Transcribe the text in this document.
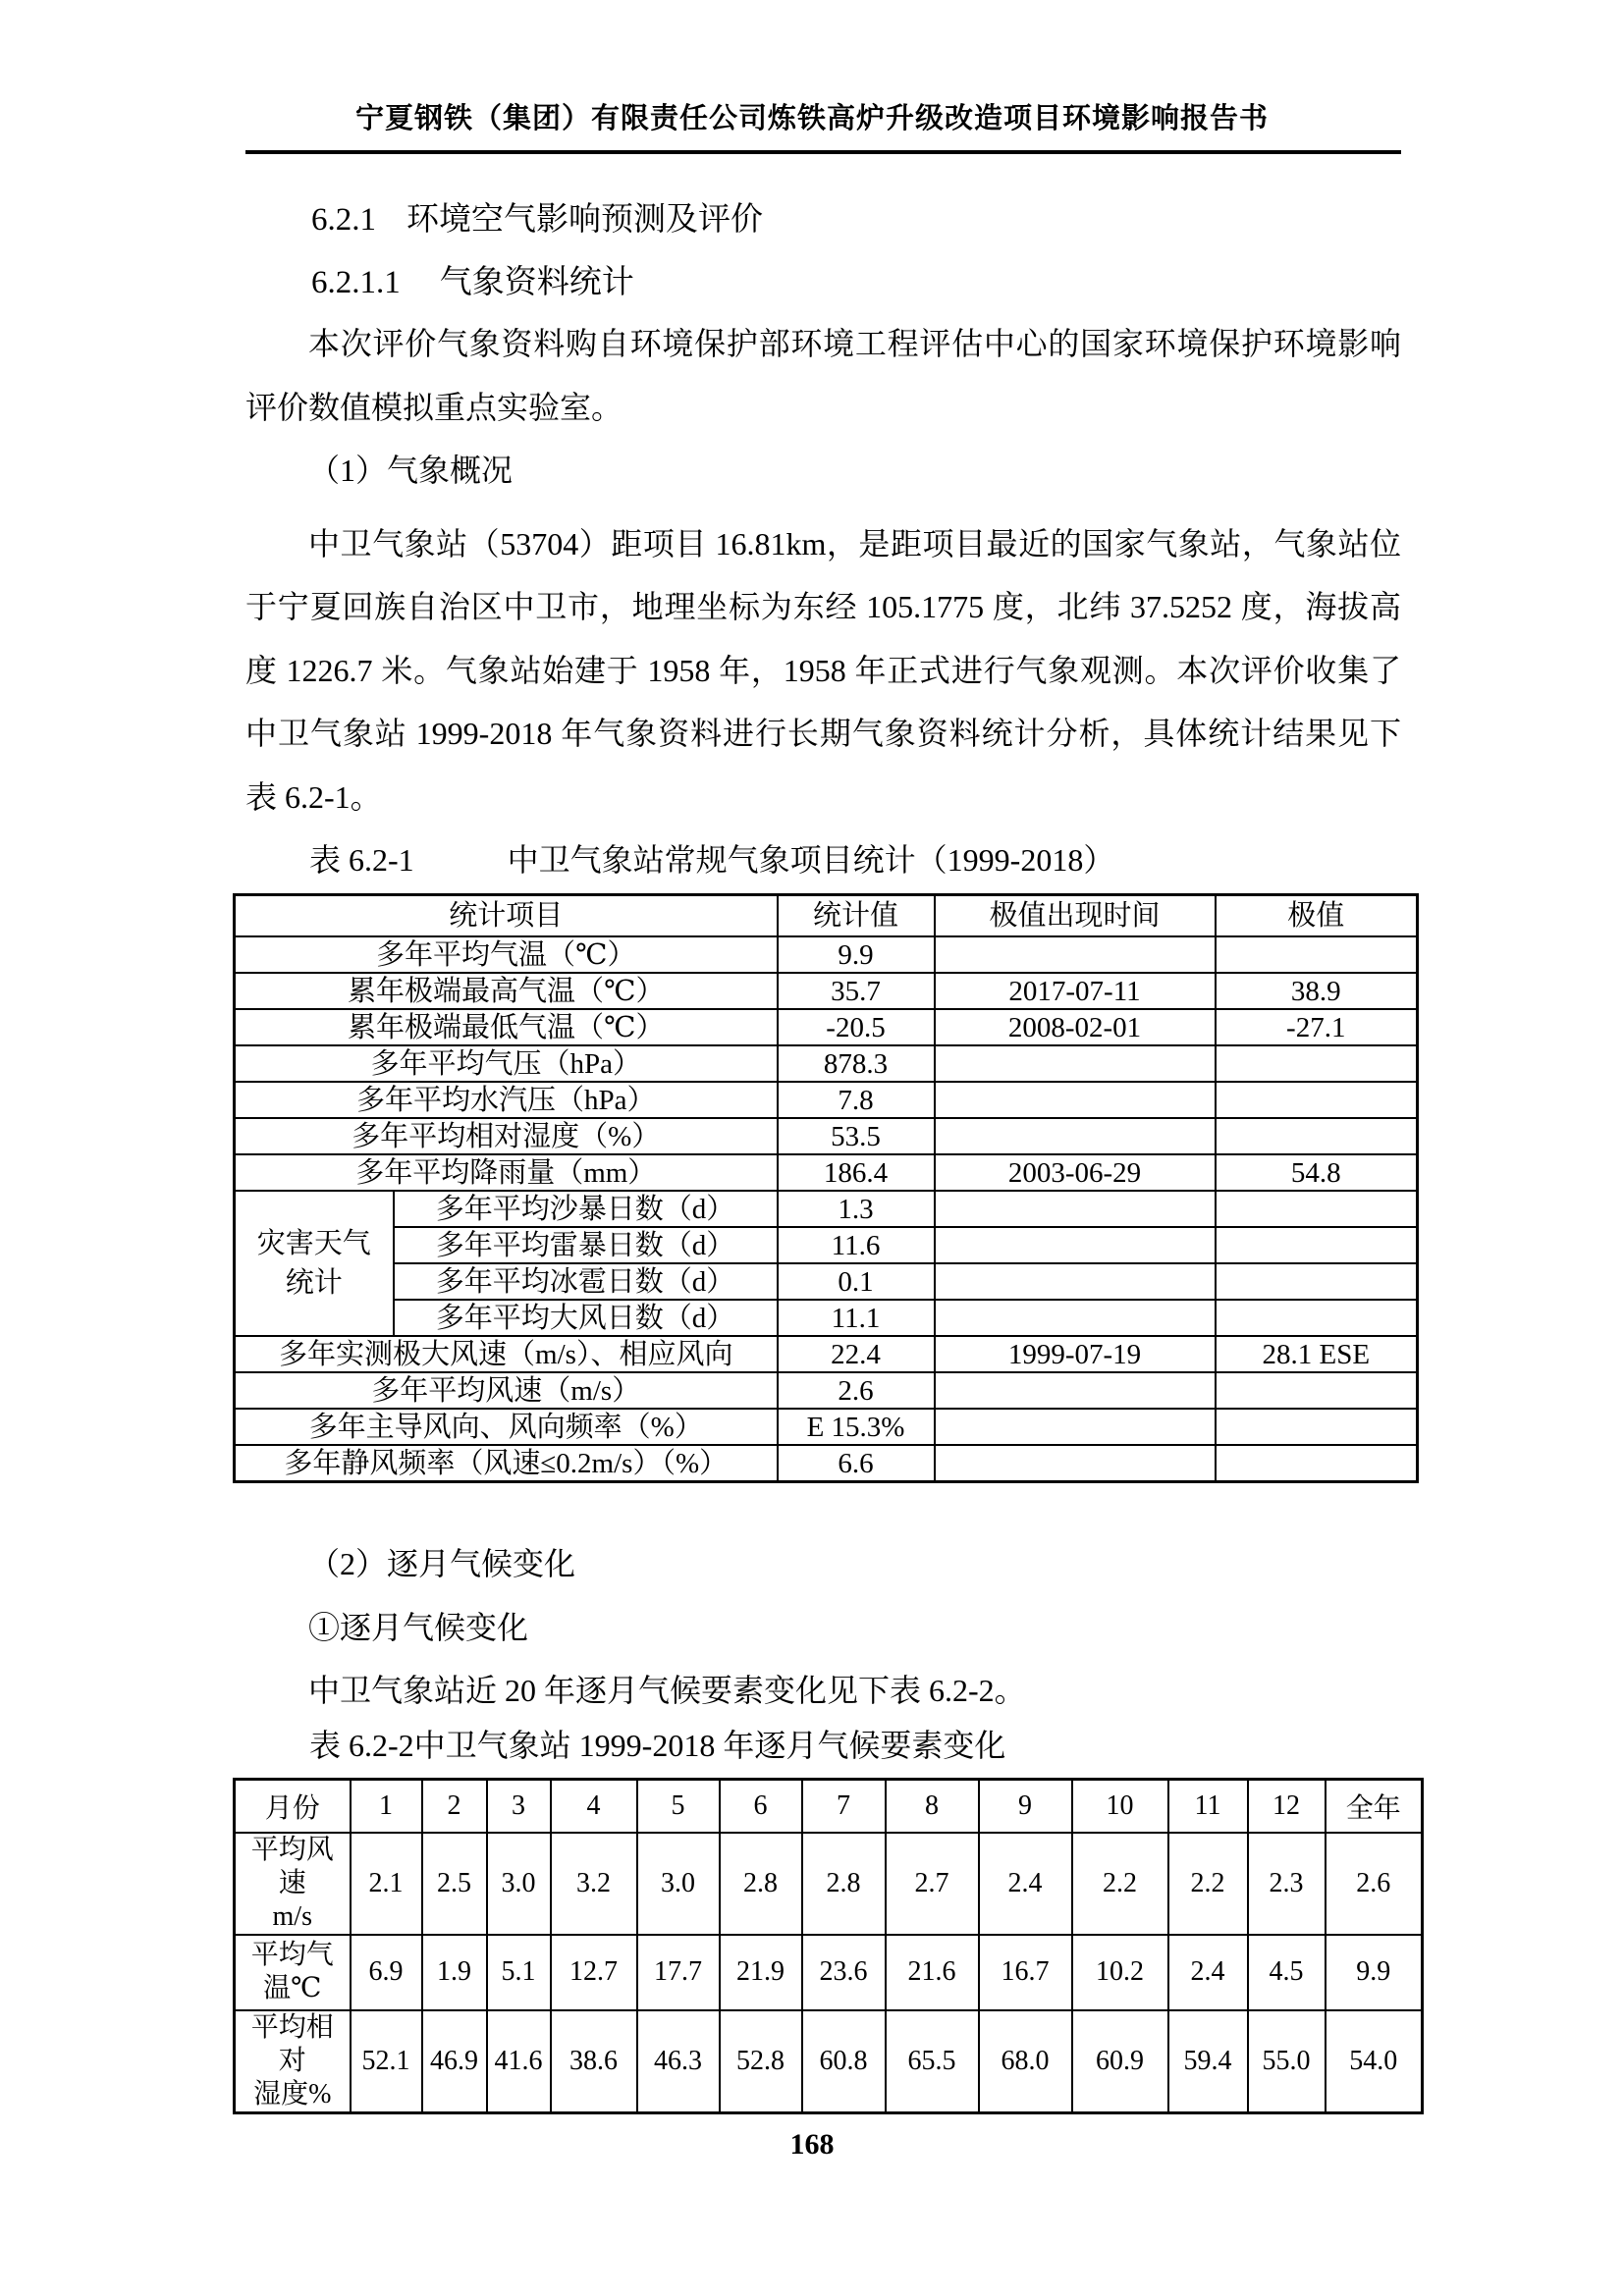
宁夏钢铁（集团）有限责任公司炼铁高炉升级改造项目环境影响报告书
6.2.1 环境空气影响预测及评价
6.2.1.1 气象资料统计

本次评价气象资料购自环境保护部环境工程评估中心的国家环境保护环境影响评价数值模拟重点实验室。

（1）气象概况

中卫气象站（53704）距项目 16.81km，是距项目最近的国家气象站，气象站位于宁夏回族自治区中卫市，地理坐标为东经 105.1775 度，北纬 37.5252 度，海拔高度 1226.7 米。气象站始建于 1958 年，1958 年正式进行气象观测。本次评价收集了中卫气象站 1999-2018 年气象资料进行长期气象资料统计分析，具体统计结果见下表 6.2-1。

表 6.2-1	中卫气象站常规气象项目统计（1999-2018）
统计项目		统计值	极值出现时间	极值
多年平均气温（℃）		9.9		
累年极端最高气温（℃）		35.7	2017-07-11	38.9
累年极端最低气温（℃）		-20.5	2008-02-01	-27.1
多年平均气压（hPa）		878.3		
多年平均水汽压（hPa）		7.8		
多年平均相对湿度（%）		53.5		
多年平均降雨量（mm）		186.4	2003-06-29	54.8
灾害天气统计	多年平均沙暴日数（d）	1.3		
	多年平均雷暴日数（d）	11.6		
	多年平均冰雹日数（d）	0.1		
	多年平均大风日数（d）	11.1		
多年实测极大风速（m/s）、相应风向		22.4	1999-07-19	28.1 ESE
多年平均风速（m/s）		2.6		
多年主导风向、风向频率（%）		E 15.3%		
多年静风频率（风速≤0.2m/s）（%）		6.6		

（2）逐月气候变化

①逐月气候变化

中卫气象站近 20 年逐月气候要素变化见下表 6.2-2。

表 6.2-2中卫气象站 1999-2018 年逐月气候要素变化
月份	1	2	3	4	5	6	7	8	9	10	11	12	全年
平均风速
m/s	2.1	2.5	3.0	3.2	3.0	2.8	2.8	2.7	2.4	2.2	2.2	2.3	2.6
平均气
温℃	6.9	1.9	5.1	12.7	17.7	21.9	23.6	21.6	16.7	10.2	2.4	4.5	9.9
平均相对
湿度%	52.1	46.9	41.6	38.6	46.3	52.8	60.8	65.5	68.0	60.9	59.4	55.0	54.0
168
